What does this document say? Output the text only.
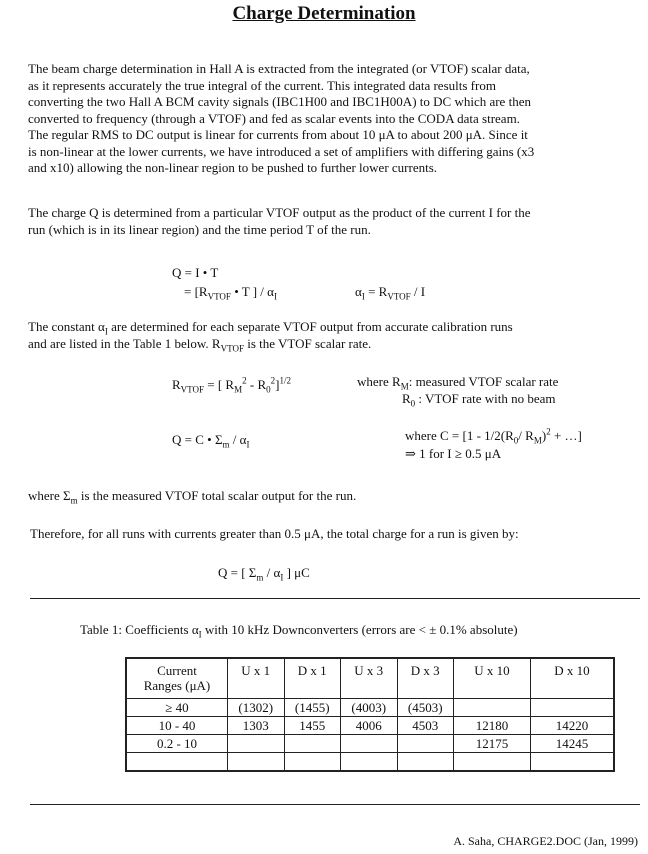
Charge Determination
The beam charge determination in Hall A is extracted from the integrated (or VTOF) scalar data,
as it represents accurately the true integral of the current. This integrated data results from
converting the two Hall A BCM cavity signals (IBC1H00 and IBC1H00A) to DC which are then
converted to frequency (through a VTOF) and fed as scalar events into the CODA data stream.
The regular RMS to DC output is linear for currents from about 10 μA to about 200 μA. Since it
is non-linear at the lower currents, we have introduced a set of amplifiers with differing gains (x3
and x10) allowing the non-linear region to be pushed to further lower currents.
The charge Q is determined from a particular VTOF output as the product of the current I for the
run (which is in its linear region) and the time period T of the run.
Q = I • T
= [$R_{VTOF}$ • T ] / $\alpha_I$	$\alpha_I = R_{VTOF} / I$
The constant $\alpha_I$ are determined for each separate VTOF output from accurate calibration runs
and are listed in the Table 1 below. $R_{VTOF}$ is the VTOF scalar rate.
$R_{VTOF}$ = [ $R_M^2 - R_0^2]^{1/2}$	where $R_M$: measured VTOF scalar rate
$R_0$ : VTOF rate with no beam
Q = C • $\Sigma_m / \alpha_I$
where $C = [1 - 1/2(R_0/$ $R_M)^2$ + …]
⇒ 1 for I ≥ 0.5 μA
where $\Sigma_m$ is the measured VTOF total scalar output for the run.
Therefore, for all runs with currents greater than 0.5 μA, the total charge for a run is given by:
Q = [ $\Sigma_m / \alpha_I$ ] μC
Table 1: Coefficients $\alpha_I$ with 10 kHz Downconverters (errors are < ± 0.1% absolute)
Current
Ranges (μA)	U x 1	D x 1	U x 3	D x 3	U x 10	D x 10
≥ 40	(1302)	(1455)	(4003)	(4503)		
10 - 40	1303	1455	4006	4503	12180	14220
0.2 - 10					12175	14245

A. Saha, CHARGE2.DOC (Jan, 1999)
